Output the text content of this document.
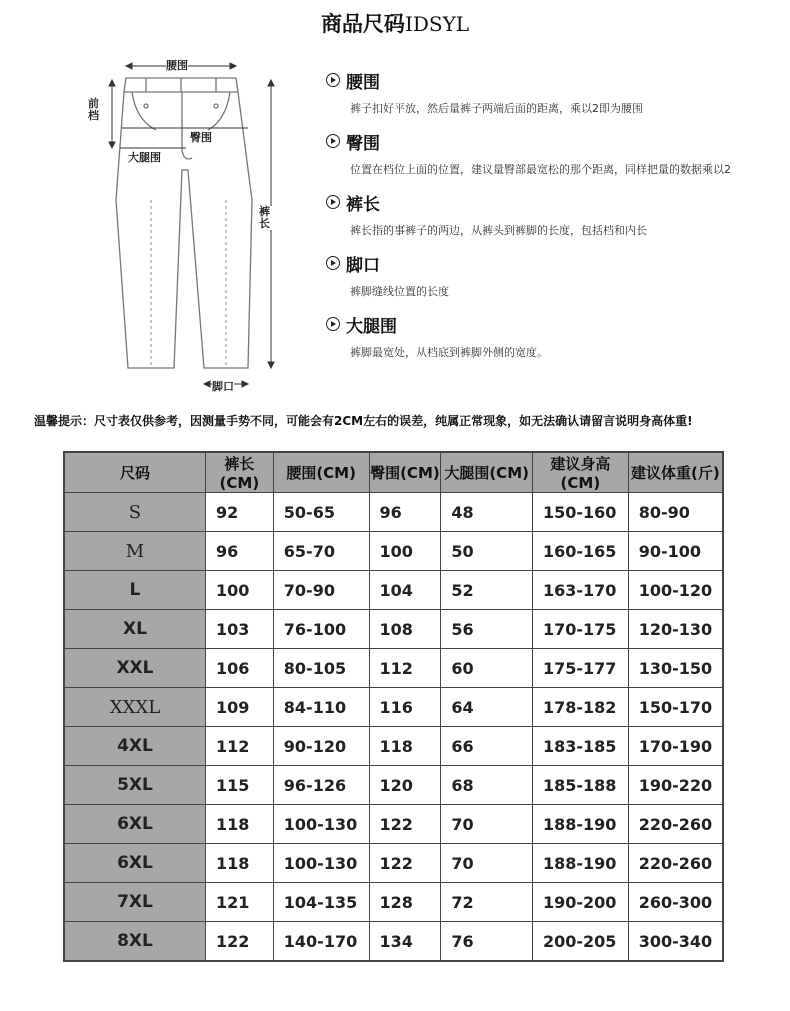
商品尺码IDSYL
腰围
前
档
臀围
大腿围
裤
长
脚口
腰围
裤子扣好平放，然后量裤子两端后面的距离，乘以2即为腰围
臀围
位置在档位上面的位置，建议量臀部最宽松的那个距离，同样把量的数据乘以2
裤长
裤长指的事裤子的两边，从裤头到裤脚的长度，包括档和内长
脚口
裤脚缝线位置的长度
大腿围
裤脚最宽处，从档底到裤脚外侧的宽度。
温馨提示：尺寸表仅供参考，因测量手势不同，可能会有2CM左右的误差，纯属正常现象，如无法确认请留言说明身高体重!
尺码	裤长(CM)	腰围(CM)	臀围(CM)	大腿围(CM)	建议身高(CM)	建议体重(斤)
S	92	50-65	96	48	150-160	80-90
M	96	65-70	100	50	160-165	90-100
L	100	70-90	104	52	163-170	100-120
XL	103	76-100	108	56	170-175	120-130
XXL	106	80-105	112	60	175-177	130-150
XXXL	109	84-110	116	64	178-182	150-170
4XL	112	90-120	118	66	183-185	170-190
5XL	115	96-126	120	68	185-188	190-220
6XL	118	100-130	122	70	188-190	220-260
6XL	118	100-130	122	70	188-190	220-260
7XL	121	104-135	128	72	190-200	260-300
8XL	122	140-170	134	76	200-205	300-340
